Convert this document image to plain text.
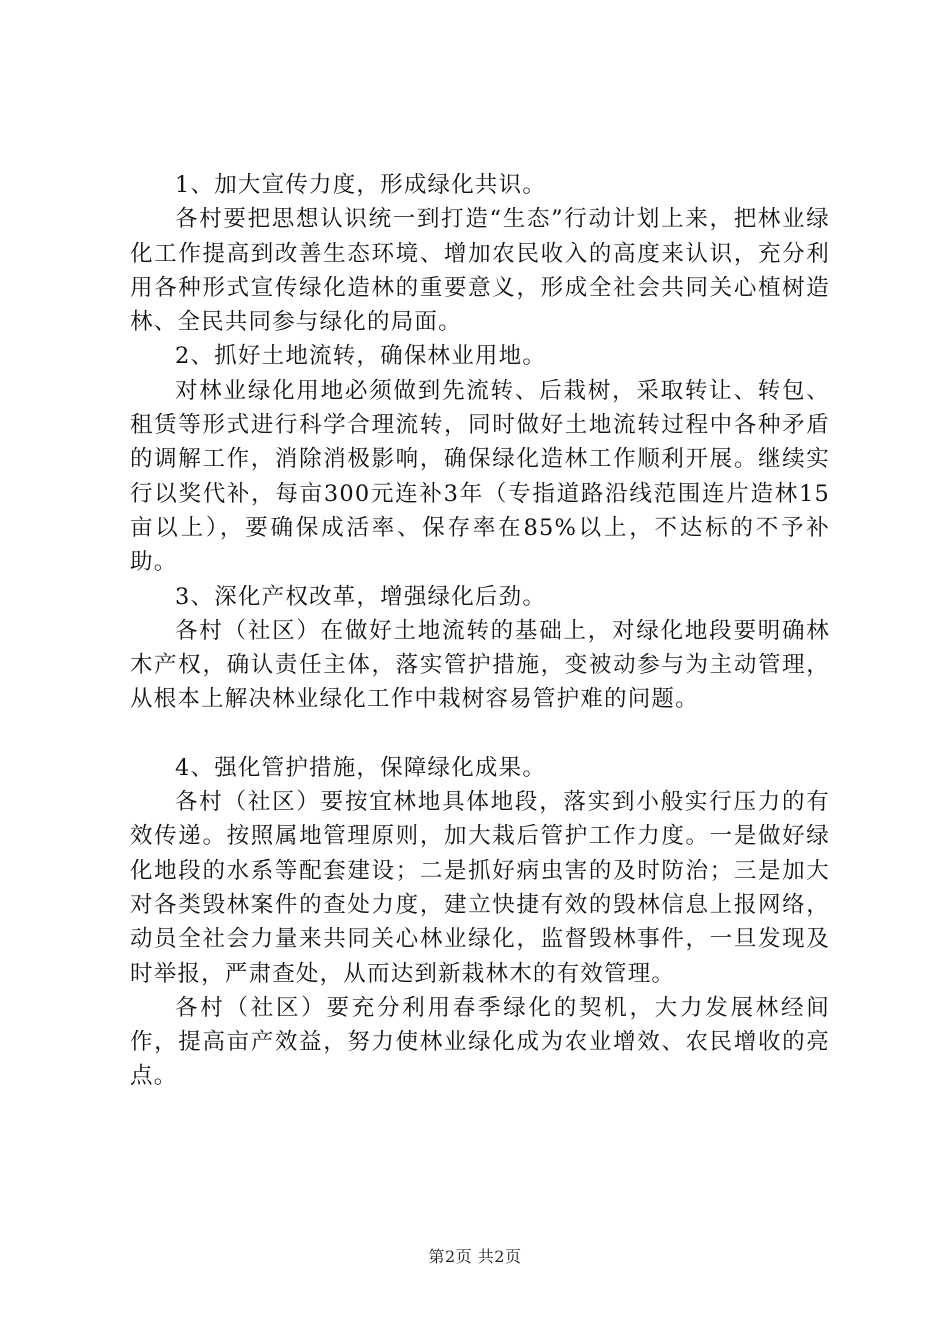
1、加大宣传力度，形成绿化共识。

各村要把思想认识统一到打造“生态”行动计划上来，把林业绿化工作提高到改善生态环境、增加农民收入的高度来认识，充分利用各种形式宣传绿化造林的重要意义，形成全社会共同关心植树造林、全民共同参与绿化的局面。

2、抓好土地流转，确保林业用地。

对林业绿化用地必须做到先流转、后栽树，采取转让、转包、租赁等形式进行科学合理流转，同时做好土地流转过程中各种矛盾的调解工作，消除消极影响，确保绿化造林工作顺利开展。继续实行以奖代补，每亩300元连补3年（专指道路沿线范围连片造林15亩以上），要确保成活率、保存率在85%以上，不达标的不予补助。

3、深化产权改革，增强绿化后劲。

各村（社区）在做好土地流转的基础上，对绿化地段要明确林木产权，确认责任主体，落实管护措施，变被动参与为主动管理，从根本上解决林业绿化工作中栽树容易管护难的问题。

4、强化管护措施，保障绿化成果。

各村（社区）要按宜林地具体地段，落实到小般实行压力的有效传递。按照属地管理原则，加大栽后管护工作力度。一是做好绿化地段的水系等配套建设；二是抓好病虫害的及时防治；三是加大对各类毁林案件的查处力度，建立快捷有效的毁林信息上报网络，动员全社会力量来共同关心林业绿化，监督毁林事件，一旦发现及时举报，严肃查处，从而达到新栽林木的有效管理。

各村（社区）要充分利用春季绿化的契机，大力发展林经间作，提高亩产效益，努力使林业绿化成为农业增效、农民增收的亮点。

第2页 共2页
